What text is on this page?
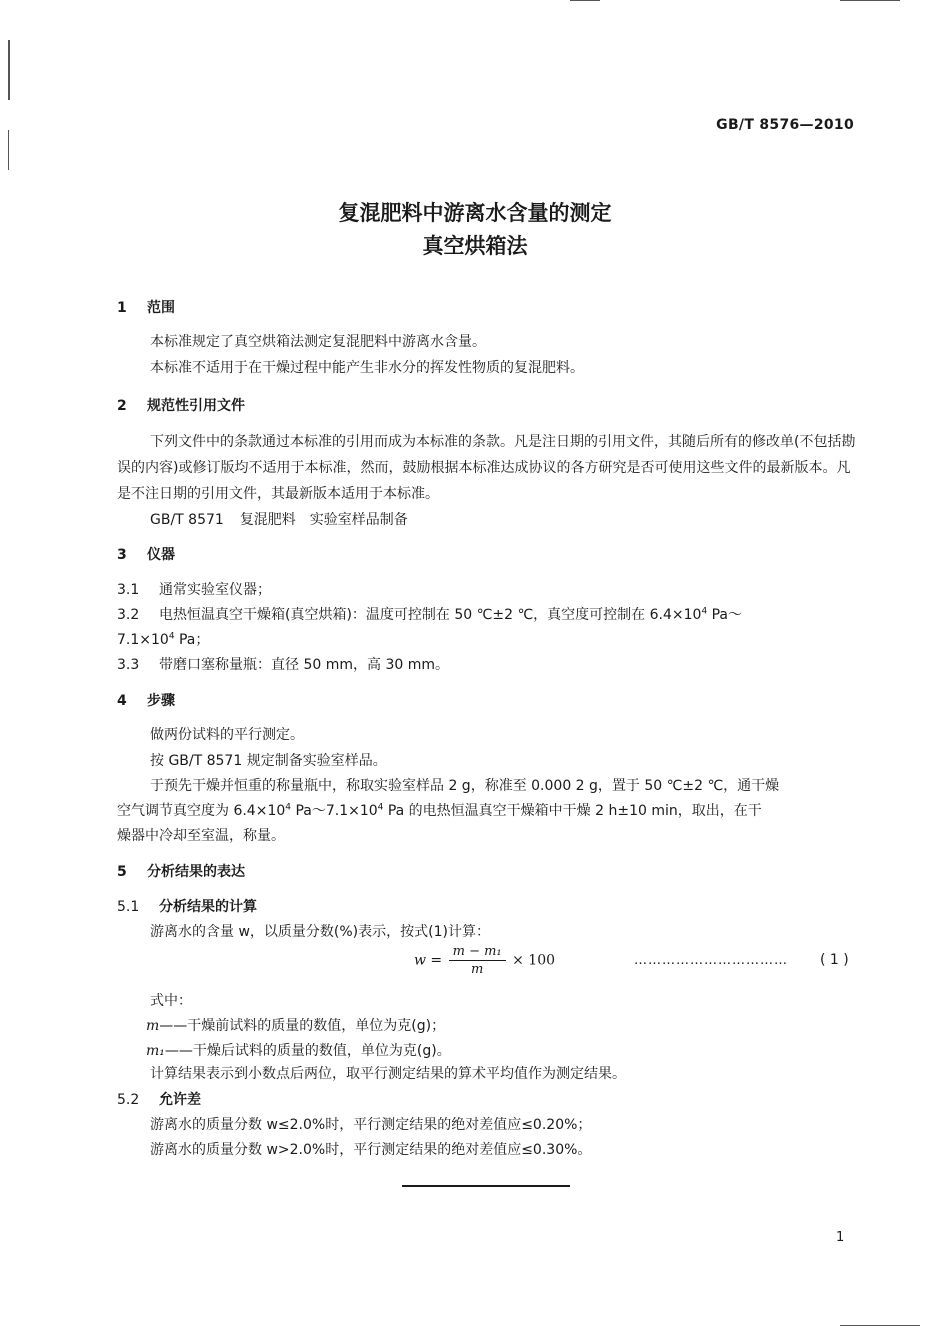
GB/T 8576—2010
复混肥料中游离水含量的测定
真空烘箱法
1 范围
本标准规定了真空烘箱法测定复混肥料中游离水含量。
本标准不适用于在干燥过程中能产生非水分的挥发性物质的复混肥料。
2 规范性引用文件
下列文件中的条款通过本标准的引用而成为本标准的条款。凡是注日期的引用文件，其随后所有的修改单(不包括勘误的内容)或修订版均不适用于本标准，然而，鼓励根据本标准达成协议的各方研究是否可使用这些文件的最新版本。凡是不注日期的引用文件，其最新版本适用于本标准。
GB/T 8571 复混肥料　实验室样品制备
3 仪器
3.1 通常实验室仪器；
3.2 电热恒温真空干燥箱(真空烘箱)：温度可控制在 50 ℃±2 ℃，真空度可控制在 $6.4\times 10^4$ Pa～
$7.1\times 10^4$ Pa；
3.3 带磨口塞称量瓶：直径 50 mm，高 30 mm。
4 步骤
做两份试料的平行测定。
按 GB/T 8571 规定制备实验室样品。
于预先干燥并恒重的称量瓶中，称取实验室样品 2 g，称准至 0.000 2 g，置于 50 ℃±2 ℃，通干燥
空气调节真空度为 $6.4\times 10^4$ $Pa\sim 7.1\times 10^4$ Pa 的电热恒温真空干燥箱中干燥 2 h±10 min，取出，在干
燥器中冷却至室温，称量。
5 分析结果的表达
5.1 分析结果的计算
游离水的含量 w，以质量分数(%)表示，按式(1)计算：
$w = \frac{\text{m − m₁}}{m} \times 100$	…………………………… ( 1 )
式中：
m——干燥前试料的质量的数值，单位为克(g)；
m₁——干燥后试料的质量的数值，单位为克(g)。
计算结果表示到小数点后两位，取平行测定结果的算术平均值作为测定结果。
5.2 允许差
游离水的质量分数 w≤2.0%时，平行测定结果的绝对差值应≤0.20%；
游离水的质量分数 w>2.0%时，平行测定结果的绝对差值应≤0.30%。
1
